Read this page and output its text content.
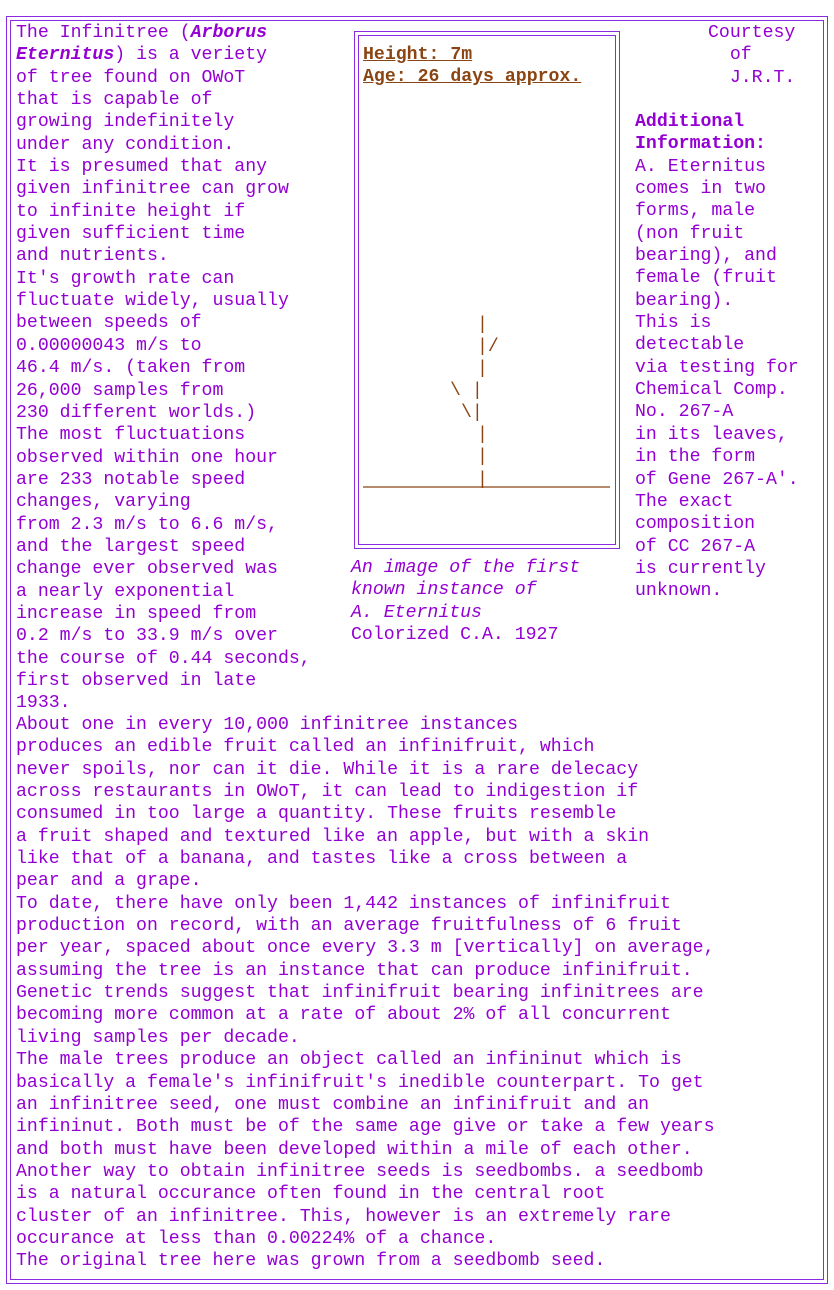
The Infinitree (Arborus
Eternitus) is a veriety
of tree found on OWoT
that is capable of
growing indefinitely
under any condition.
It is presumed that any
given infinitree can grow
to infinite height if
given sufficient time
and nutrients.
It's growth rate can
fluctuate widely, usually
between speeds of
0.00000043 m/s to
46.4 m/s. (taken from
26,000 samples from
230 different worlds.)
The most fluctuations
observed within one hour
are 233 notable speed
changes, varying
from 2.3 m/s to 6.6 m/s,
and the largest speed
change ever observed was
a nearly exponential
increase in speed from
0.2 m/s to 33.9 m/s over
the course of 0.44 seconds,
first observed in late
1933.
Height: 7m
Age: 26 days approx.
|
|/
|
\ |
\|
|
|
|
An image of the first
known instance of
A. Eternitus
Colorized C.A. 1927
Courtesy
of
J.R.T.
Additional
Information:
A. Eternitus
comes in two
forms, male
(non fruit
bearing), and
female (fruit
bearing).
This is
detectable
via testing for
Chemical Comp.
No. 267-A
in its leaves,
in the form
of Gene 267-A'.
The exact
composition
of CC 267-A
is currently
unknown.
About one in every 10,000 infinitree instances
produces an edible fruit called an infinifruit, which
never spoils, nor can it die. While it is a rare delecacy
across restaurants in OWoT, it can lead to indigestion if
consumed in too large a quantity. These fruits resemble
a fruit shaped and textured like an apple, but with a skin
like that of a banana, and tastes like a cross between a
pear and a grape.
To date, there have only been 1,442 instances of infinifruit
production on record, with an average fruitfulness of 6 fruit
per year, spaced about once every 3.3 m [vertically] on average,
assuming the tree is an instance that can produce infinifruit.
Genetic trends suggest that infinifruit bearing infinitrees are
becoming more common at a rate of about 2% of all concurrent
living samples per decade.
The male trees produce an object called an infininut which is
basically a female's infinifruit's inedible counterpart. To get
an infinitree seed, one must combine an infinifruit and an
infininut. Both must be of the same age give or take a few years
and both must have been developed within a mile of each other.
Another way to obtain infinitree seeds is seedbombs. a seedbomb
is a natural occurance often found in the central root
cluster of an infinitree. This, however is an extremely rare
occurance at less than 0.00224% of a chance.
The original tree here was grown from a seedbomb seed.
